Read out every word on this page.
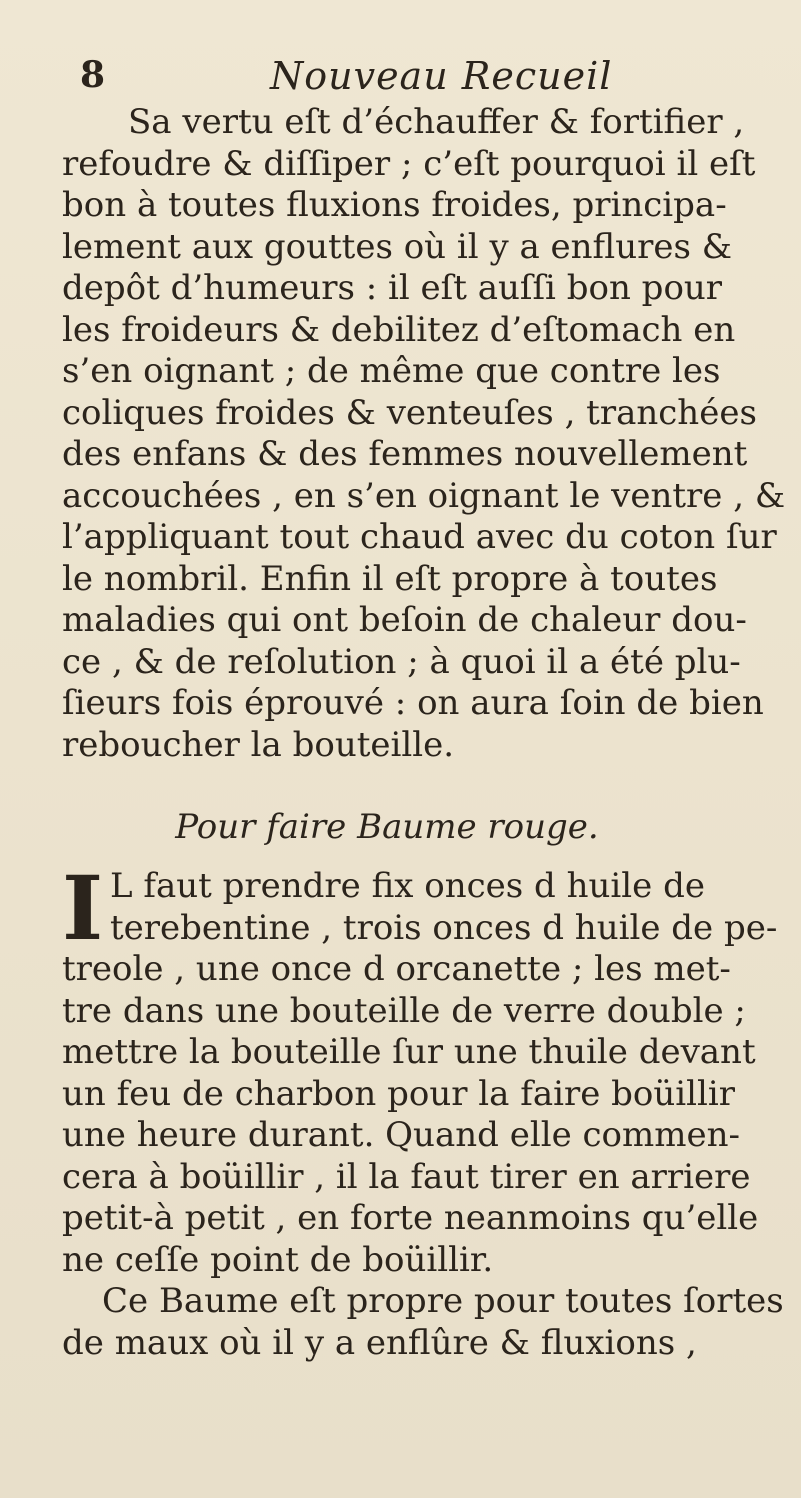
8	Nouveau Recueil
Sa vertu eſt d’échauffer & fortifier ,
refoudre & diſſiper ; c’eſt pourquoi il eſt
bon à toutes fluxions froides, principa-
lement aux gouttes où il y a enflures &
depôt d’humeurs : il eſt auſſi bon pour
les froideurs & debilitez d’eſtomach en
s’en oignant ; de même que contre les
coliques froides & venteuſes , tranchées
des enfans & des femmes nouvellement
accouchées , en s’en oignant le ventre , &
l’appliquant tout chaud avec du coton ſur
le nombril. Enfin il eſt propre à toutes
maladies qui ont beſoin de chaleur dou-
ce , & de reſolution ; à quoi il a été plu-
ſieurs fois éprouvé : on aura ſoin de bien
reboucher la bouteille.
Pour faire Baume rouge.
I L faut prendre fix onces d huile de
terebentine , trois onces d huile de pe-
treole , une once d orcanette ; les met-
tre dans une bouteille de verre double ;
mettre la bouteille ſur une thuile devant
un feu de charbon pour la faire boüillir
une heure durant. Quand elle commen-
cera à boüillir , il la faut tirer en arriere
petit-à petit , en forte neanmoins qu’elle
ne ceſſe point de boüillir.
Ce Baume eſt propre pour toutes ſortes
de maux où il y a enflûre & fluxions ,
